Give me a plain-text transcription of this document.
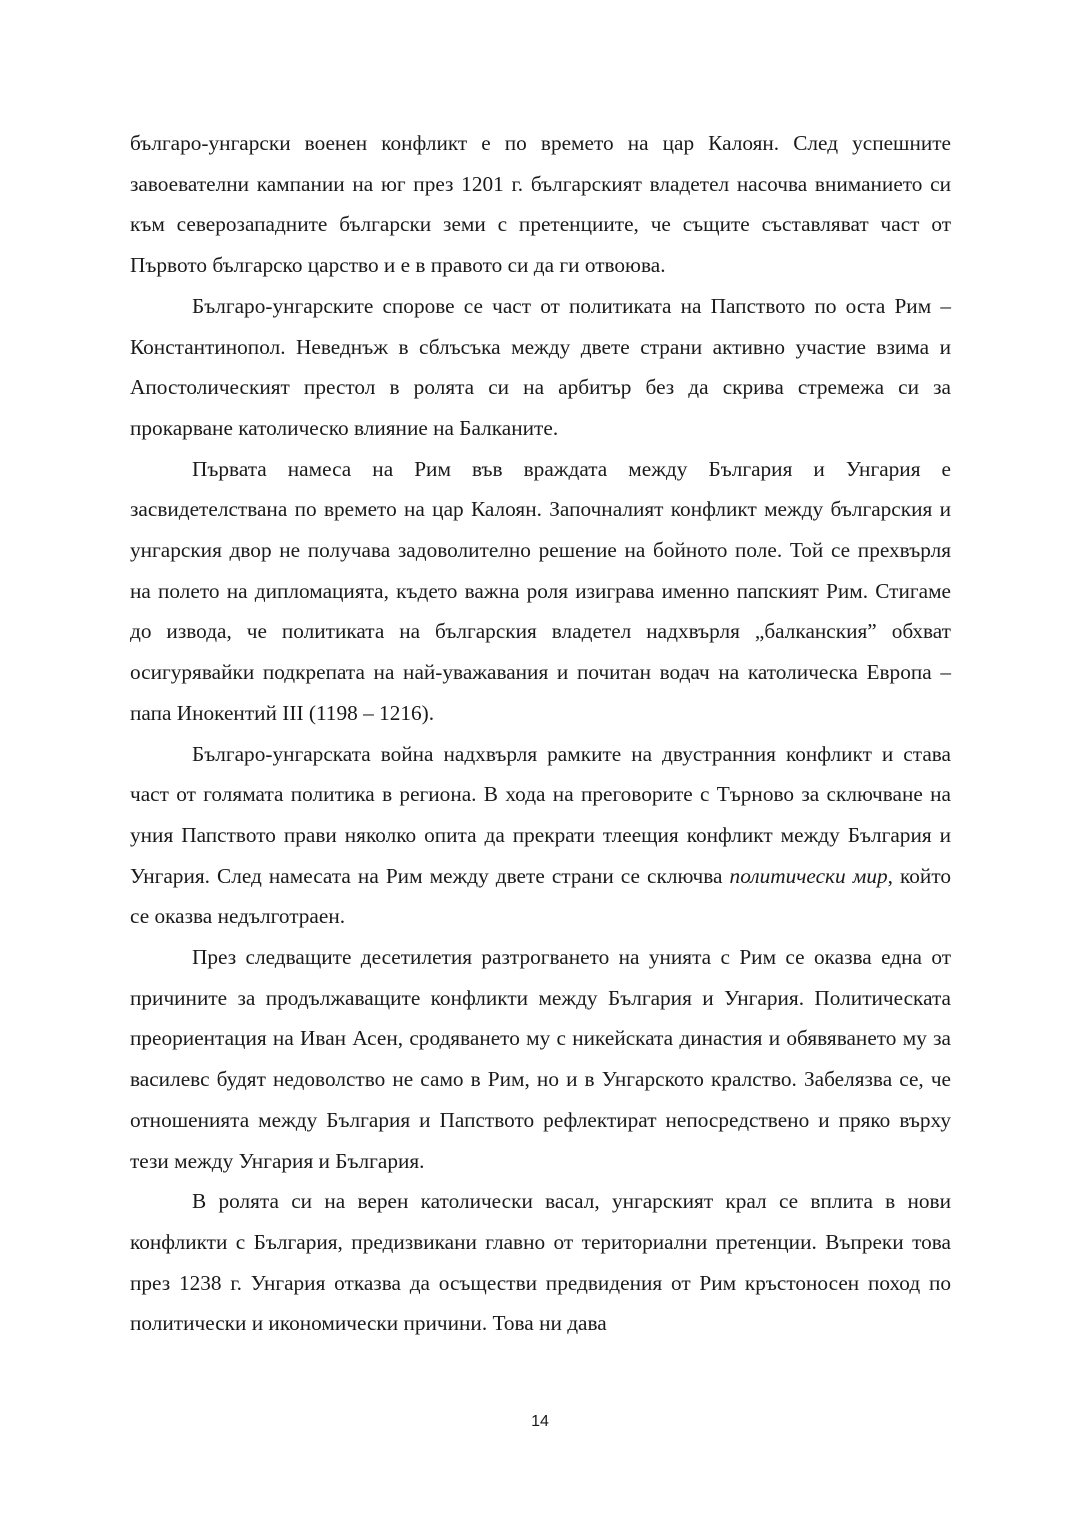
българо-унгарски военен конфликт е по времето на цар Калоян. След успешните завоевателни кампании на юг през 1201 г. българският владетел насочва вниманието си към северозападните български земи с претенциите, че същите съставляват част от Първото българско царство и е в правото си да ги отвоюва.

Българо-унгарските спорове се част от политиката на Папството по оста Рим – Константинопол. Неведнъж в сблъсъка между двете страни активно участие взима и Апостолическият престол в ролята си на арбитър без да скрива стремежа си за прокарване католическо влияние на Балканите.

Първата намеса на Рим във враждата между България и Унгария е засвидетелствана по времето на цар Калоян. Започналият конфликт между българския и унгарския двор не получава задоволително решение на бойното поле. Той се прехвърля на полето на дипломацията, където важна роля изиграва именно папският Рим. Стигаме до извода, че политиката на българския владетел надхвърля „балканския” обхват осигурявайки подкрепата на най-уважавания и почитан водач на католическа Европа – папа Инокентий III (1198 – 1216).

Българо-унгарската война надхвърля рамките на двустранния конфликт и става част от голямата политика в региона. В хода на преговорите с Търново за сключване на уния Папството прави няколко опита да прекрати тлеещия конфликт между България и Унгария. След намесата на Рим между двете страни се сключва политически мир, който се оказва недълготраен.

През следващите десетилетия разтрогването на унията с Рим се оказва една от причините за продължаващите конфликти между България и Унгария. Политическата преориентация на Иван Асен, сродяването му с никейската династия и обявяването му за василевс будят недоволство не само в Рим, но и в Унгарското кралство. Забелязва се, че отношенията между България и Папството рефлектират непосредствено и пряко върху тези между Унгария и България.

В ролята си на верен католически васал, унгарският крал се вплита в нови конфликти с България, предизвикани главно от териториални претенции. Въпреки това през 1238 г. Унгария отказва да осъществи предвидения от Рим кръстоносен поход по политически и икономически причини. Това ни дава

14
